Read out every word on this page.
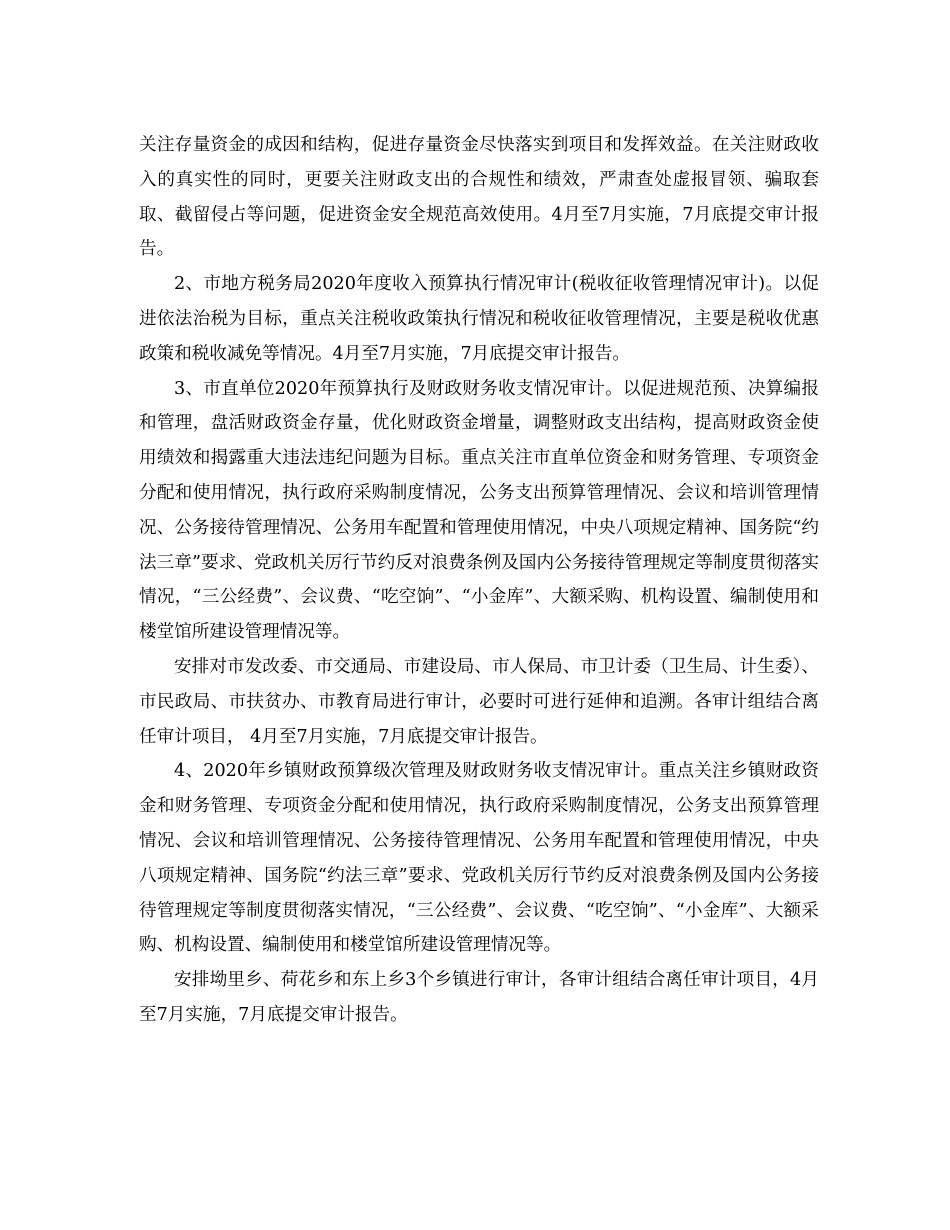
关注存量资金的成因和结构，促进存量资金尽快落实到项目和发挥效益。在关注财政收入的真实性的同时，更要关注财政支出的合规性和绩效，严肃查处虚报冒领、骗取套取、截留侵占等问题，促进资金安全规范高效使用。4月至7月实施，7月底提交审计报告。

2、市地方税务局2020年度收入预算执行情况审计(税收征收管理情况审计)。以促进依法治税为目标，重点关注税收政策执行情况和税收征收管理情况，主要是税收优惠政策和税收减免等情况。4月至7月实施，7月底提交审计报告。

3、市直单位2020年预算执行及财政财务收支情况审计。以促进规范预、决算编报和管理，盘活财政资金存量，优化财政资金增量，调整财政支出结构，提高财政资金使用绩效和揭露重大违法违纪问题为目标。重点关注市直单位资金和财务管理、专项资金分配和使用情况，执行政府采购制度情况，公务支出预算管理情况、会议和培训管理情况、公务接待管理情况、公务用车配置和管理使用情况，中央八项规定精神、国务院“约法三章”要求、党政机关厉行节约反对浪费条例及国内公务接待管理规定等制度贯彻落实情况，“三公经费”、会议费、“吃空饷”、“小金库”、大额采购、机构设置、编制使用和楼堂馆所建设管理情况等。

安排对市发改委、市交通局、市建设局、市人保局、市卫计委（卫生局、计生委）、市民政局、市扶贫办、市教育局进行审计，必要时可进行延伸和追溯。各审计组结合离任审计项目， 4月至7月实施，7月底提交审计报告。

4、2020年乡镇财政预算级次管理及财政财务收支情况审计。重点关注乡镇财政资金和财务管理、专项资金分配和使用情况，执行政府采购制度情况，公务支出预算管理情况、会议和培训管理情况、公务接待管理情况、公务用车配置和管理使用情况，中央八项规定精神、国务院“约法三章”要求、党政机关厉行节约反对浪费条例及国内公务接待管理规定等制度贯彻落实情况，“三公经费”、会议费、“吃空饷”、“小金库”、大额采购、机构设置、编制使用和楼堂馆所建设管理情况等。

安排坳里乡、荷花乡和东上乡3个乡镇进行审计，各审计组结合离任审计项目，4月至7月实施，7月底提交审计报告。
